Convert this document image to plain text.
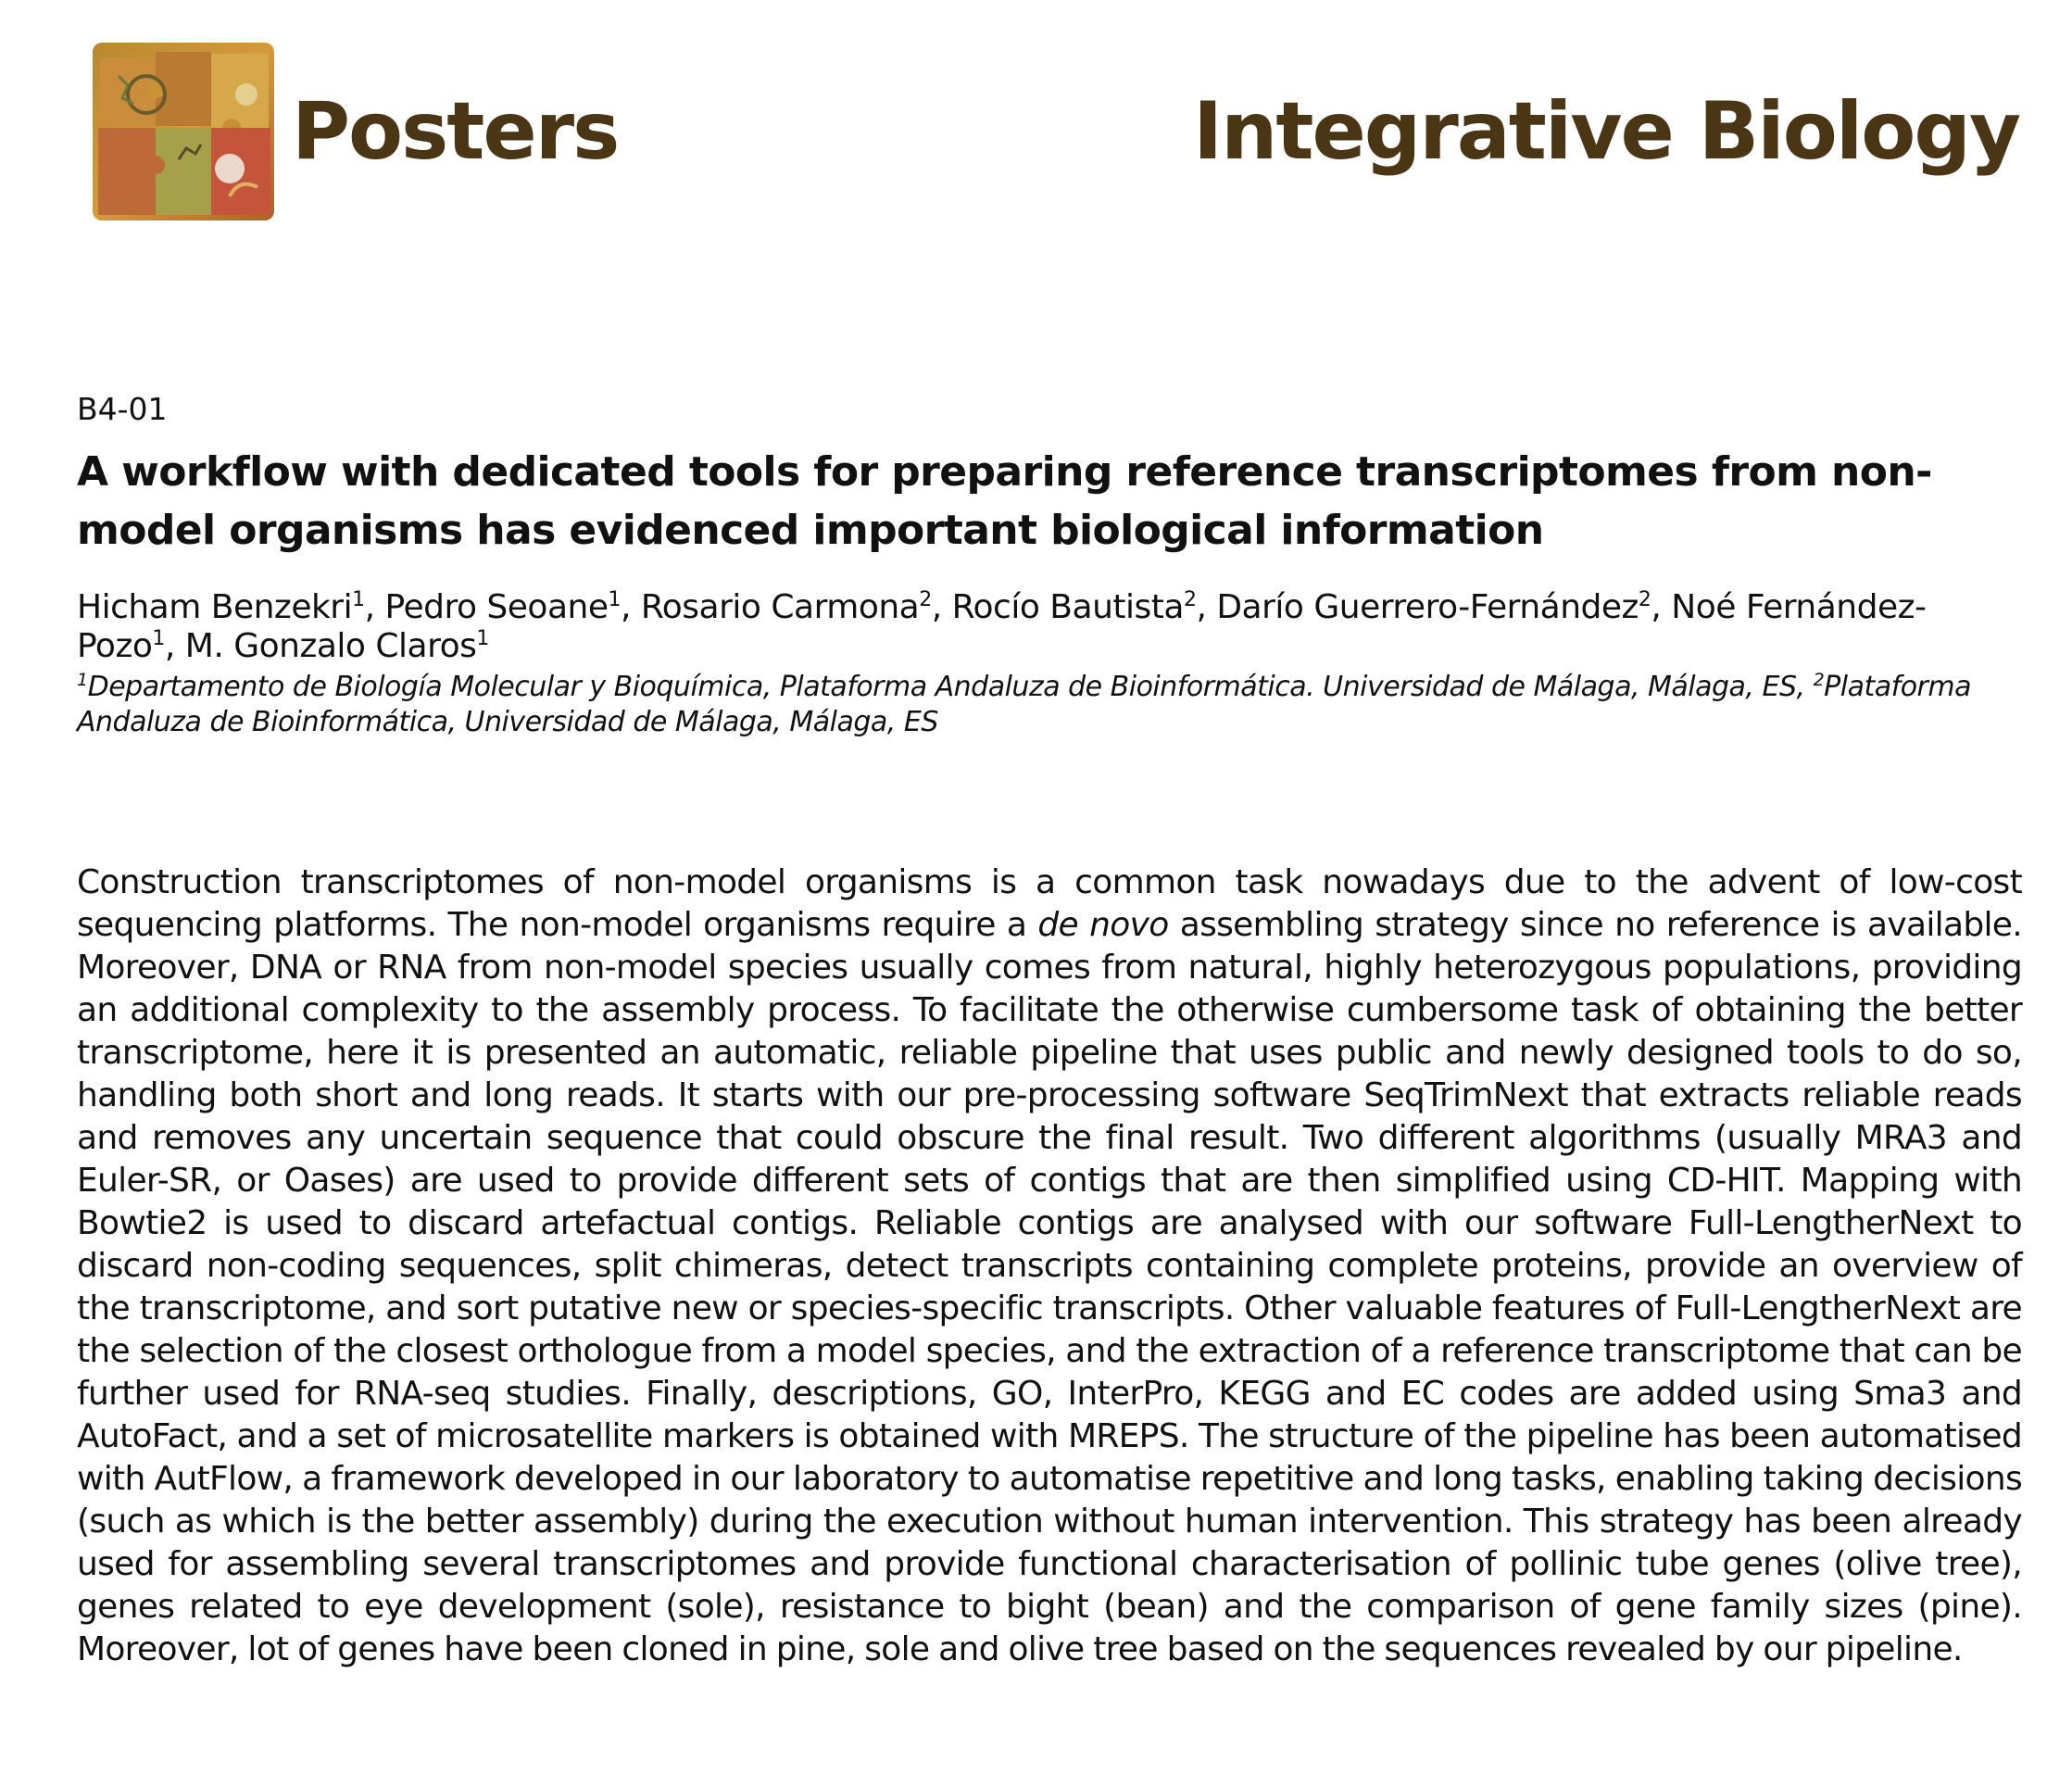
Posters	Integrative Biology
B4-01
A workflow with dedicated tools for preparing reference transcriptomes from non-model organisms has evidenced important biological information

Hicham Benzekri$^1$, Pedro Seoane$^1$, Rosario Carmona$^2$, Rocío Bautista$^2$, Darío Guerrero-Fernández$^2$, Noé Fernández-Pozo$^1$, M. Gonzalo Claros$^1$

$^1$Departamento de Biología Molecular y Bioquímica, Plataforma Andaluza de Bioinformática. Universidad de Málaga, Málaga, ES, $^2$Plataforma Andaluza de Bioinformática, Universidad de Málaga, Málaga, ES

Construction transcriptomes of non-model organisms is a common task nowadays due to the advent of low-cost sequencing platforms. The non-model organisms require a de novo assembling strategy since no reference is available. Moreover, DNA or RNA from non-model species usually comes from natural, highly heterozygous populations, providing an additional complexity to the assembly process. To facilitate the otherwise cumbersome task of obtaining the better transcriptome, here it is presented an automatic, reliable pipeline that uses public and newly designed tools to do so, handling both short and long reads. It starts with our pre-processing software SeqTrimNext that extracts reliable reads and removes any uncertain sequence that could obscure the final result. Two different algorithms (usually MRA3 and Euler-SR, or Oases) are used to provide different sets of contigs that are then simplified using CD-HIT. Mapping with Bowtie2 is used to discard artefactual contigs. Reliable contigs are analysed with our software Full-LengtherNext to discard non-coding sequences, split chimeras, detect transcripts containing complete proteins, provide an overview of the transcriptome, and sort putative new or species-specific transcripts. Other valuable features of Full-LengtherNext are the selection of the closest orthologue from a model species, and the extraction of a reference transcriptome that can be further used for RNA-seq studies. Finally, descriptions, GO, InterPro, KEGG and EC codes are added using Sma3 and AutoFact, and a set of microsatellite markers is obtained with MREPS. The structure of the pipeline has been automatised with AutFlow, a framework developed in our laboratory to automatise repetitive and long tasks, enabling taking decisions (such as which is the better assembly) during the execution without human intervention. This strategy has been already used for assembling several transcriptomes and provide functional characterisation of pollinic tube genes (olive tree), genes related to eye development (sole), resistance to bight (bean) and the comparison of gene family sizes (pine). Moreover, lot of genes have been cloned in pine, sole and olive tree based on the sequences revealed by our pipeline.
